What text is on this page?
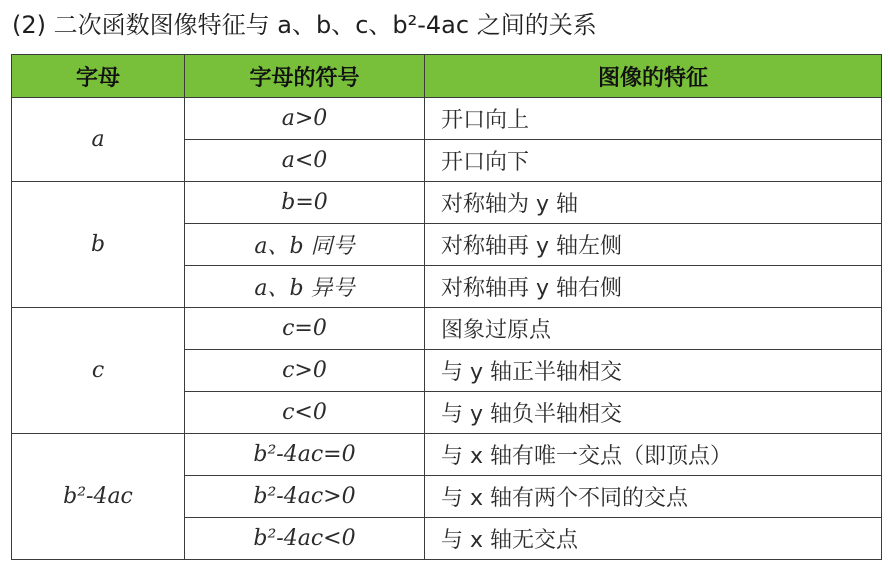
(2) 二次函数图像特征与 a、b、c、b²-4ac 之间的关系
字母	字母的符号	图像的特征
a	a>0	开口向上
	a<0	开口向下
b	b=0	对称轴为 y 轴
	a、b 同号	对称轴再 y 轴左侧
	a、b 异号	对称轴再 y 轴右侧
c	c=0	图象过原点
	c>0	与 y 轴正半轴相交
	c<0	与 y 轴负半轴相交
b²-4ac	b²-4ac=0	与 x 轴有唯一交点（即顶点）
	b²-4ac>0	与 x 轴有两个不同的交点
	b²-4ac<0	与 x 轴无交点
